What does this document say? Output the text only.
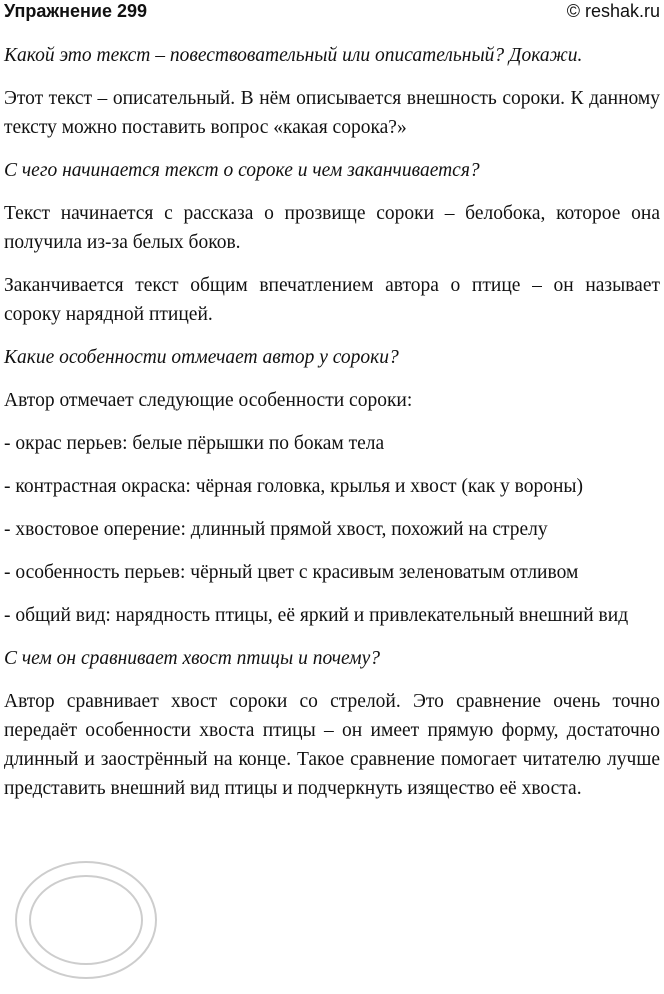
Упражнение 299	© reshak.ru

Какой это текст – повествовательный или описательный? Докажи.

Этот текст – описательный. В нём описывается внешность сороки. К данному тексту можно поставить вопрос «какая сорока?»

С чего начинается текст о сороке и чем заканчивается?

Текст начинается с рассказа о прозвище сороки – белобока, которое она получила из-за белых боков.

Заканчивается текст общим впечатлением автора о птице – он называет сороку нарядной птицей.

Какие особенности отмечает автор у сороки?

Автор отмечает следующие особенности сороки:

- окрас перьев: белые пёрышки по бокам тела

- контрастная окраска: чёрная головка, крылья и хвост (как у вороны)

- хвостовое оперение: длинный прямой хвост, похожий на стрелу

- особенность перьев: чёрный цвет с красивым зеленоватым отливом

- общий вид: нарядность птицы, её яркий и привлекательный внешний вид

С чем он сравнивает хвост птицы и почему?

Автор сравнивает хвост сороки со стрелой. Это сравнение очень точно передаёт особенности хвоста птицы – он имеет прямую форму, достаточно длинный и заострённый на конце. Такое сравнение помогает читателю лучше представить внешний вид птицы и подчеркнуть изящество её хвоста.
